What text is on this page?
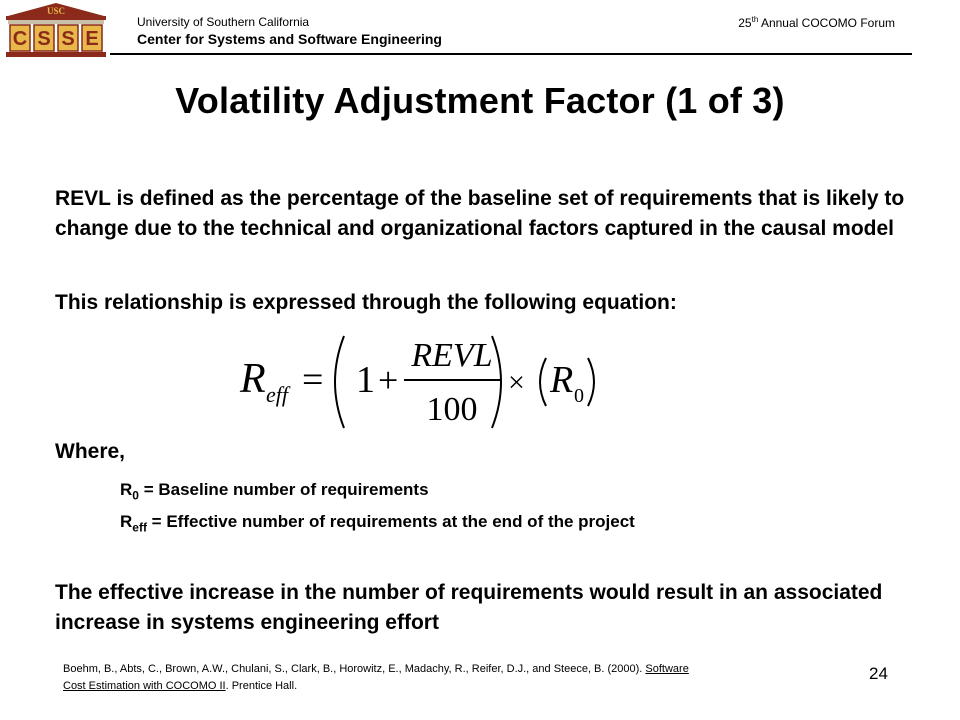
USC
C S S E
University of Southern California
Center for Systems and Software Engineering
25th Annual COCOMO Forum
Volatility Adjustment Factor (1 of 3)
REVL is defined as the percentage of the baseline set of requirements that is likely to change due to the technical and organizational factors captured in the causal model
This relationship is expressed through the following equation:
R eff = 1 +
REVL
100
× R 0
Where,
$R_0$ = Baseline number of requirements
$R_{eff}$ = Effective number of requirements at the end of the project
The effective increase in the number of requirements would result in an associated increase in systems engineering effort
Boehm, B., Abts, C., Brown, A.W., Chulani, S., Clark, B., Horowitz, E., Madachy, R., Reifer, D.J., and Steece, B. (2000). Software Cost Estimation with COCOMO II. Prentice Hall.
24
